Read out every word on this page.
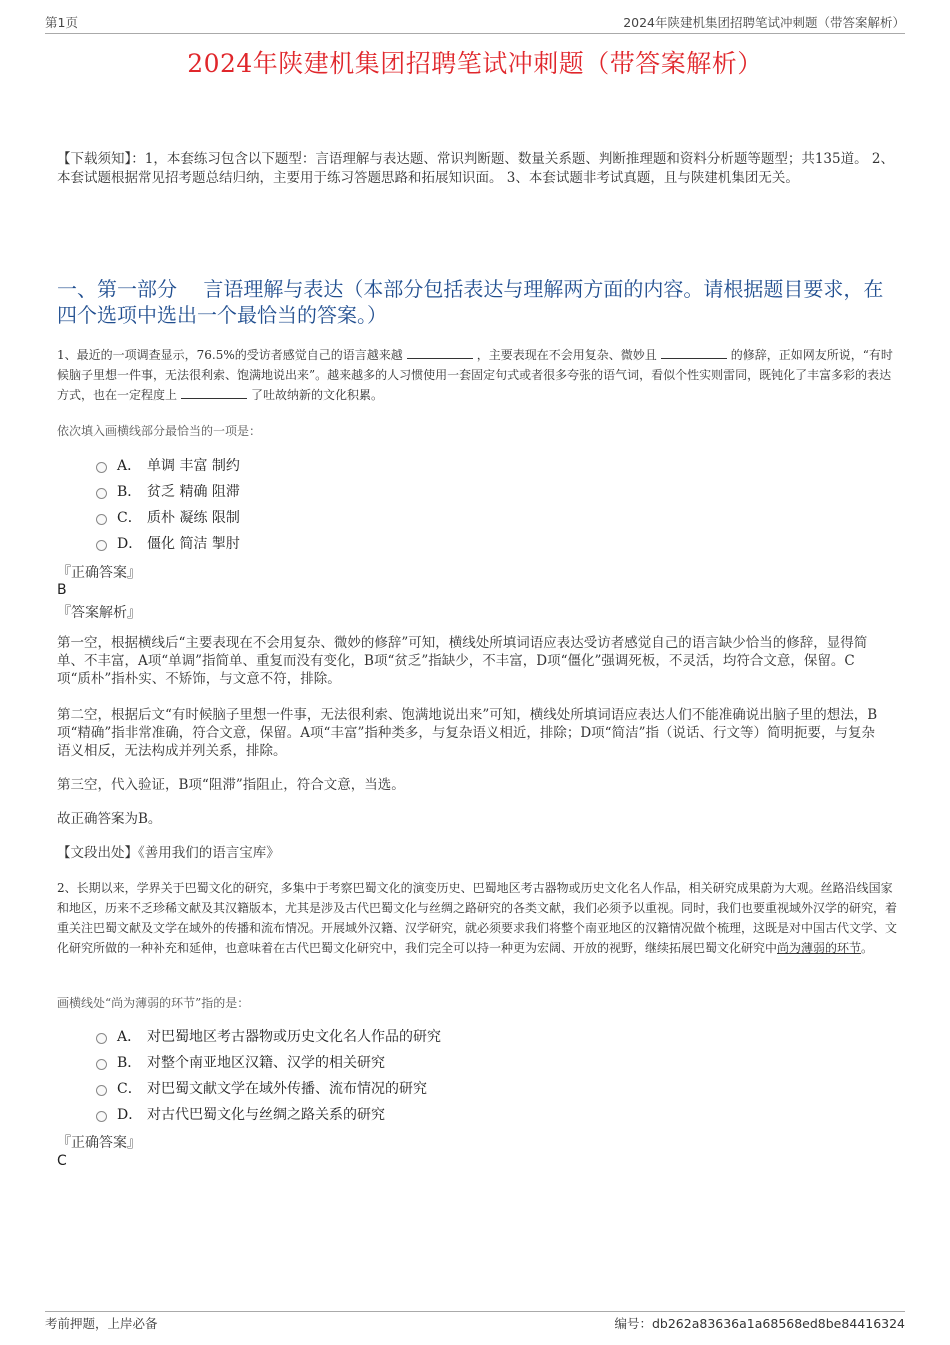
第1页	2024年陕建机集团招聘笔试冲刺题（带答案解析）
2024年陕建机集团招聘笔试冲刺题（带答案解析）
【下载须知】：1，本套练习包含以下题型：言语理解与表达题、常识判断题、数量关系题、判断推理题和资料分析题等题型；共135道。 2、本套试题根据常见招考题总结归纳，主要用于练习答题思路和拓展知识面。 3、本套试题非考试真题，且与陕建机集团无关。
一、第一部分　 言语理解与表达（本部分包括表达与理解两方面的内容。请根据题目要求，在四个选项中选出一个最恰当的答案。）
1、最近的一项调查显示，76.5%的受访者感觉自己的语言越来越	，主要表现在不会用复杂、微妙且	的修辞，正如网友所说，“有时候脑子里想一件事，无法很利索、饱满地说出来”。越来越多的人习惯使用一套固定句式或者很多夸张的语气词，看似个性实则雷同，既钝化了丰富多彩的表达方式，也在一定程度上	了吐故纳新的文化积累。
依次填入画横线部分最恰当的一项是：
A． 单调 丰富 制约
B． 贫乏 精确 阻滞
C． 质朴 凝练 限制
D． 僵化 简洁 掣肘
『正确答案』
B
『答案解析』
第一空，根据横线后“主要表现在不会用复杂、微妙的修辞”可知，横线处所填词语应表达受访者感觉自己的语言缺少恰当的修辞，显得简单、不丰富，A项“单调”指简单、重复而没有变化，B项“贫乏”指缺少，不丰富，D项“僵化”强调死板，不灵活，均符合文意，保留。C项“质朴”指朴实、不矫饰，与文意不符，排除。
第二空，根据后文“有时候脑子里想一件事，无法很利索、饱满地说出来”可知，横线处所填词语应表达人们不能准确说出脑子里的想法，B项“精确”指非常准确，符合文意，保留。A项“丰富”指种类多，与复杂语义相近，排除；D项“简洁”指（说话、行文等）简明扼要，与复杂语义相反，无法构成并列关系，排除。
第三空，代入验证，B项“阻滞”指阻止，符合文意，当选。
故正确答案为B。
【文段出处】《善用我们的语言宝库》
2、长期以来，学界关于巴蜀文化的研究，多集中于考察巴蜀文化的演变历史、巴蜀地区考古器物或历史文化名人作品，相关研究成果蔚为大观。丝路沿线国家和地区，历来不乏珍稀文献及其汉籍版本，尤其是涉及古代巴蜀文化与丝绸之路研究的各类文献，我们必须予以重视。同时，我们也要重视域外汉学的研究，着重关注巴蜀文献及文学在域外的传播和流布情况。开展域外汉籍、汉学研究，就必须要求我们将整个南亚地区的汉籍情况做个梳理，这既是对中国古代文学、文化研究所做的一种补充和延伸，也意味着在古代巴蜀文化研究中，我们完全可以持一种更为宏阔、开放的视野，继续拓展巴蜀文化研究中尚为薄弱的环节。
画横线处“尚为薄弱的环节”指的是：
A． 对巴蜀地区考古器物或历史文化名人作品的研究
B． 对整个南亚地区汉籍、汉学的相关研究
C． 对巴蜀文献文学在域外传播、流布情况的研究
D． 对古代巴蜀文化与丝绸之路关系的研究
『正确答案』
C
考前押题，上岸必备	编号：db262a83636a1a68568ed8be84416324
